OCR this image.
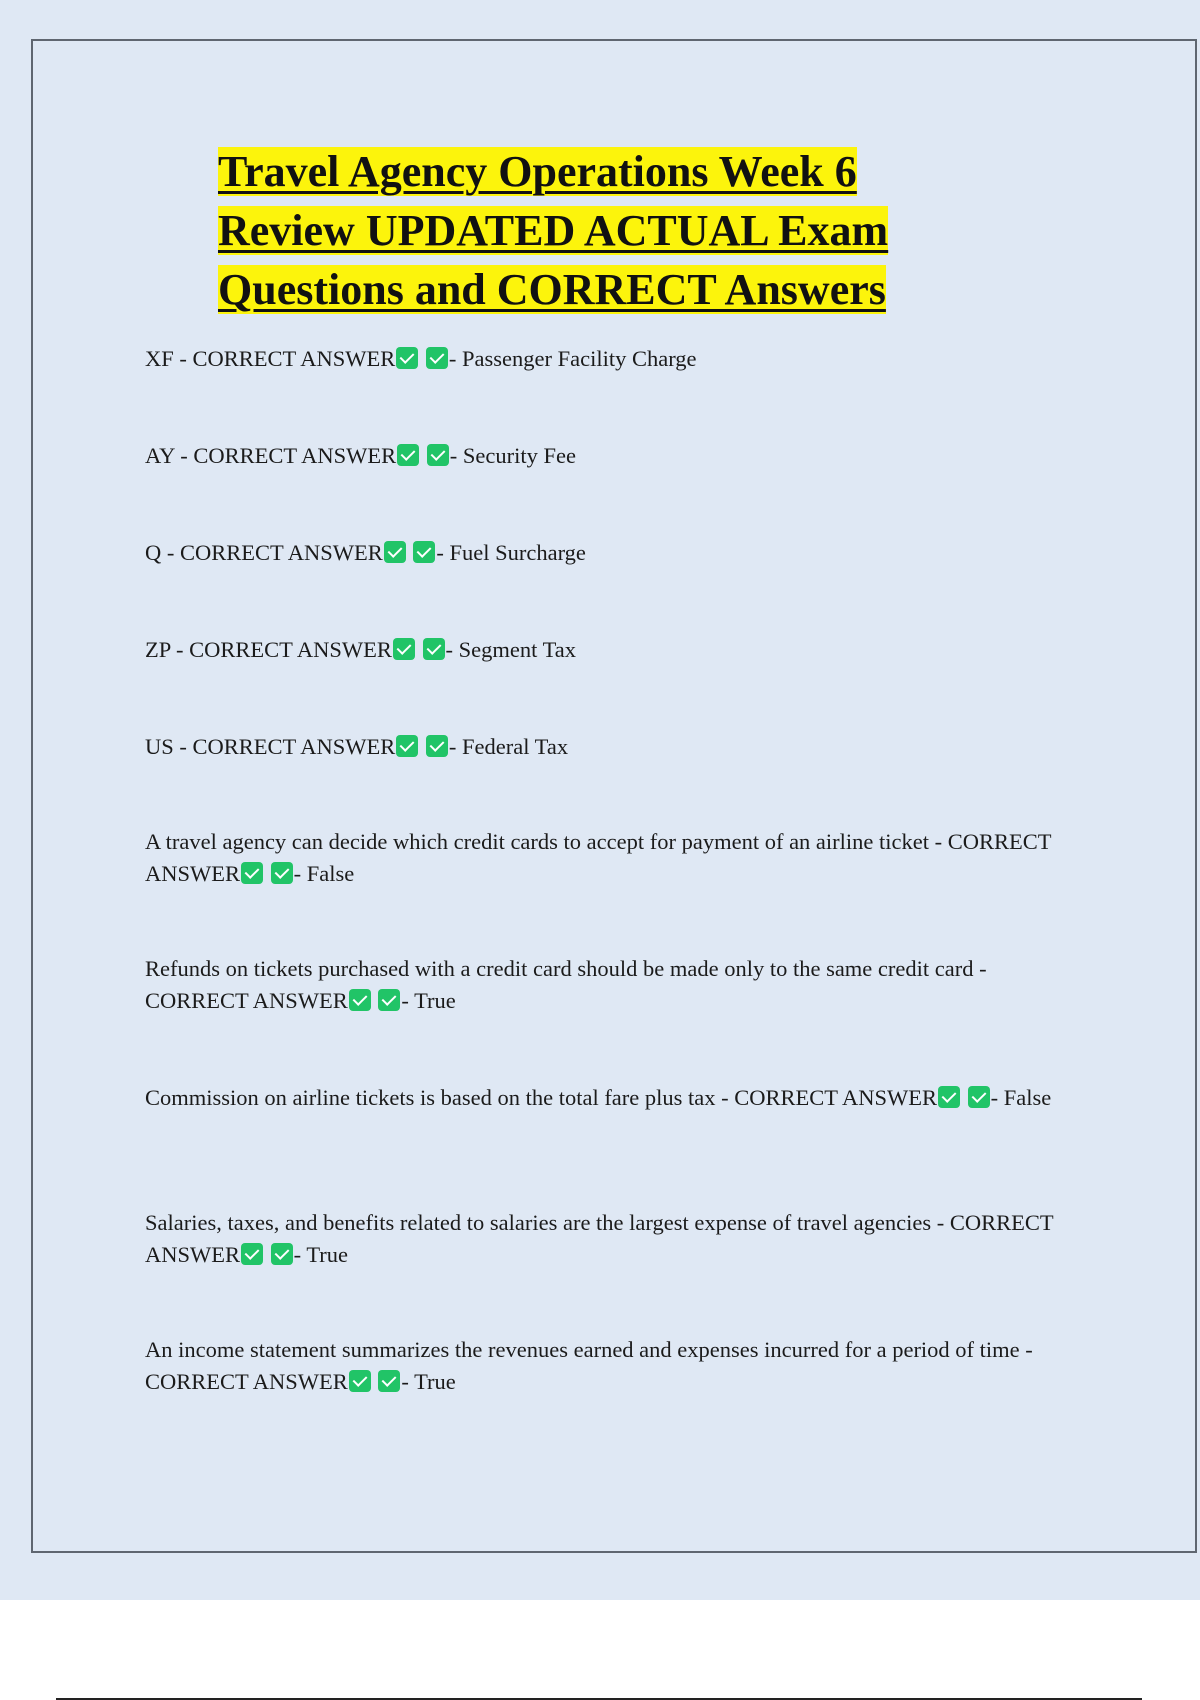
Travel Agency Operations Week 6 Review UPDATED ACTUAL Exam Questions and CORRECT Answers

XF - CORRECT ANSWER - Passenger Facility Charge

AY - CORRECT ANSWER - Security Fee

Q - CORRECT ANSWER - Fuel Surcharge

ZP - CORRECT ANSWER - Segment Tax

US - CORRECT ANSWER - Federal Tax

A travel agency can decide which credit cards to accept for payment of an airline ticket - CORRECT ANSWER - False

Refunds on tickets purchased with a credit card should be made only to the same credit card - CORRECT ANSWER - True

Commission on airline tickets is based on the total fare plus tax - CORRECT ANSWER - False

Salaries, taxes, and benefits related to salaries are the largest expense of travel agencies - CORRECT ANSWER - True

An income statement summarizes the revenues earned and expenses incurred for a period of time - CORRECT ANSWER - True
